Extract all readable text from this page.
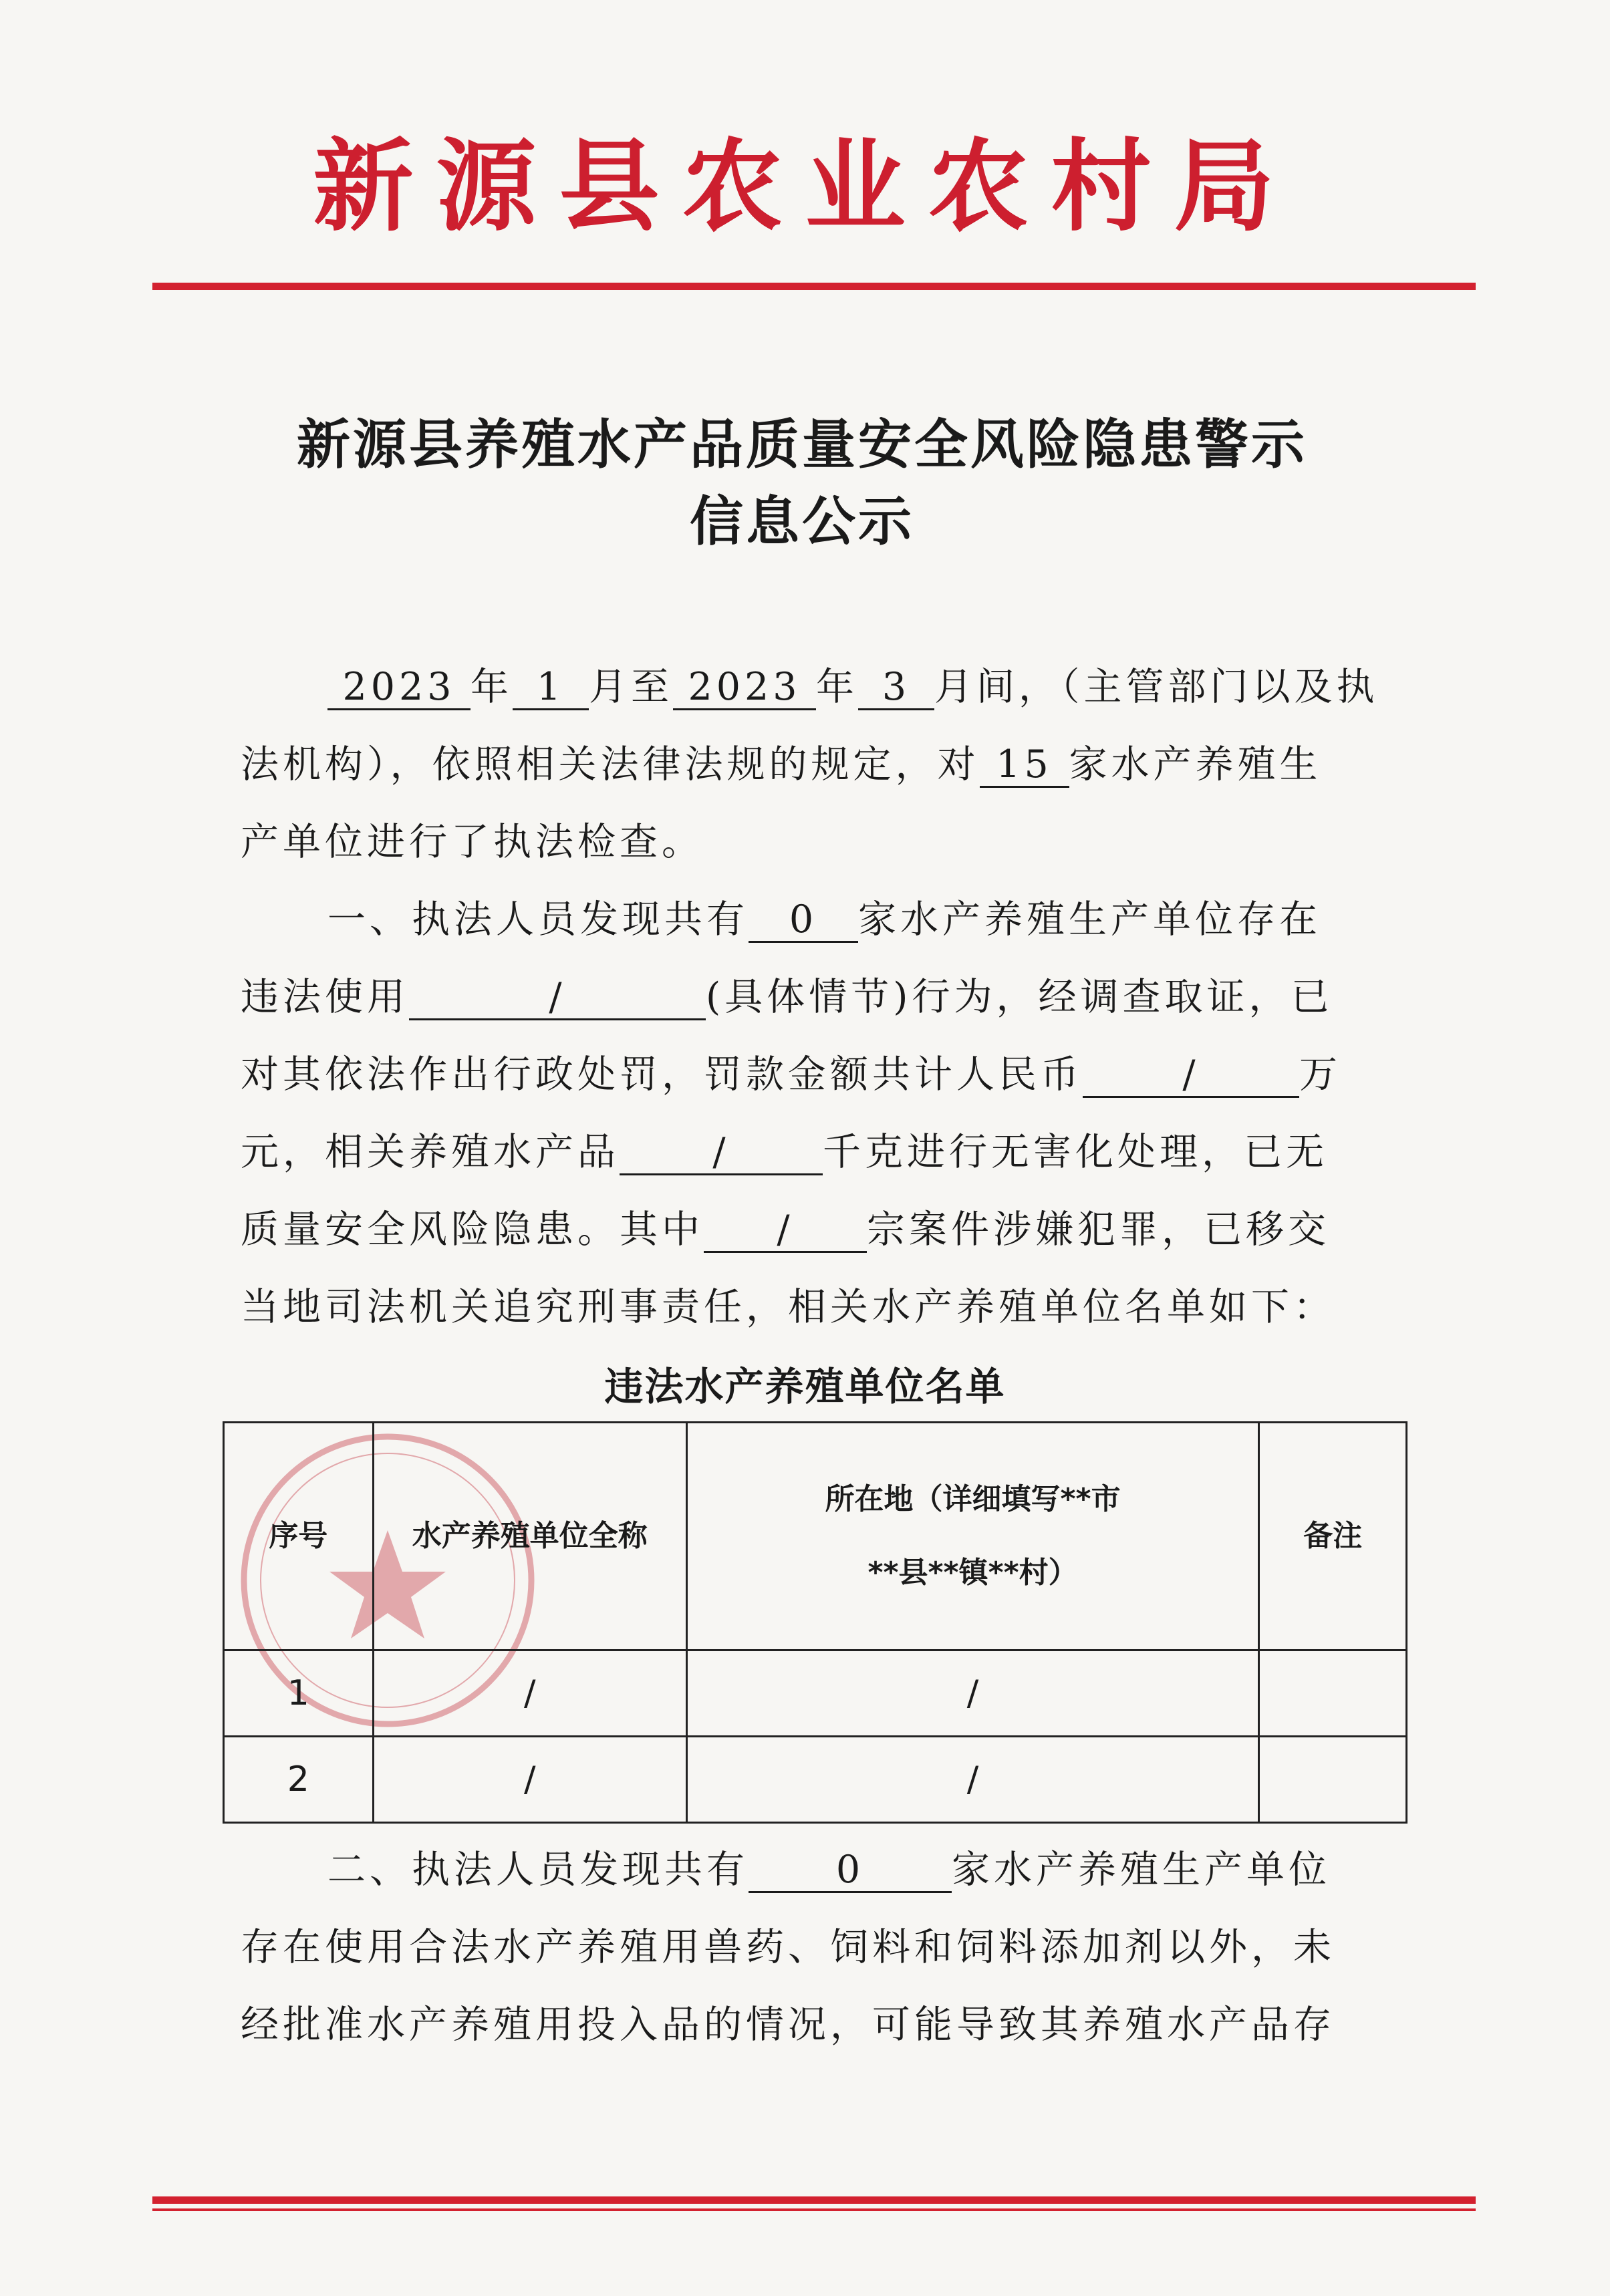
新源县农业农村局
新源县养殖水产品质量安全风险隐患警示
信息公示
2023 年 1 月至 2023 年 3 月间，（主管部门以及执
法机构），依照相关法律法规的规定，对 15 家水产养殖生
产单位进行了执法检查。
一、执法人员发现共有 0 家水产养殖生产单位存在
违法使用	/	(具体情节)行为，经调查取证，已
对其依法作出行政处罚，罚款金额共计人民币	/	万
元，相关养殖水产品 / 千克进行无害化处理，已无
质量安全风险隐患。其中 / 宗案件涉嫌犯罪，已移交
当地司法机关追究刑事责任，相关水产养殖单位名单如下：
违法水产养殖单位名单
序号	水产养殖单位全称	所在地（详细填写**市
**县**镇**村）	备注
1	/	/	
2	/	/	
二、执法人员发现共有 0 家水产养殖生产单位
存在使用合法水产养殖用兽药、饲料和饲料添加剂以外，未
经批准水产养殖用投入品的情况，可能导致其养殖水产品存
